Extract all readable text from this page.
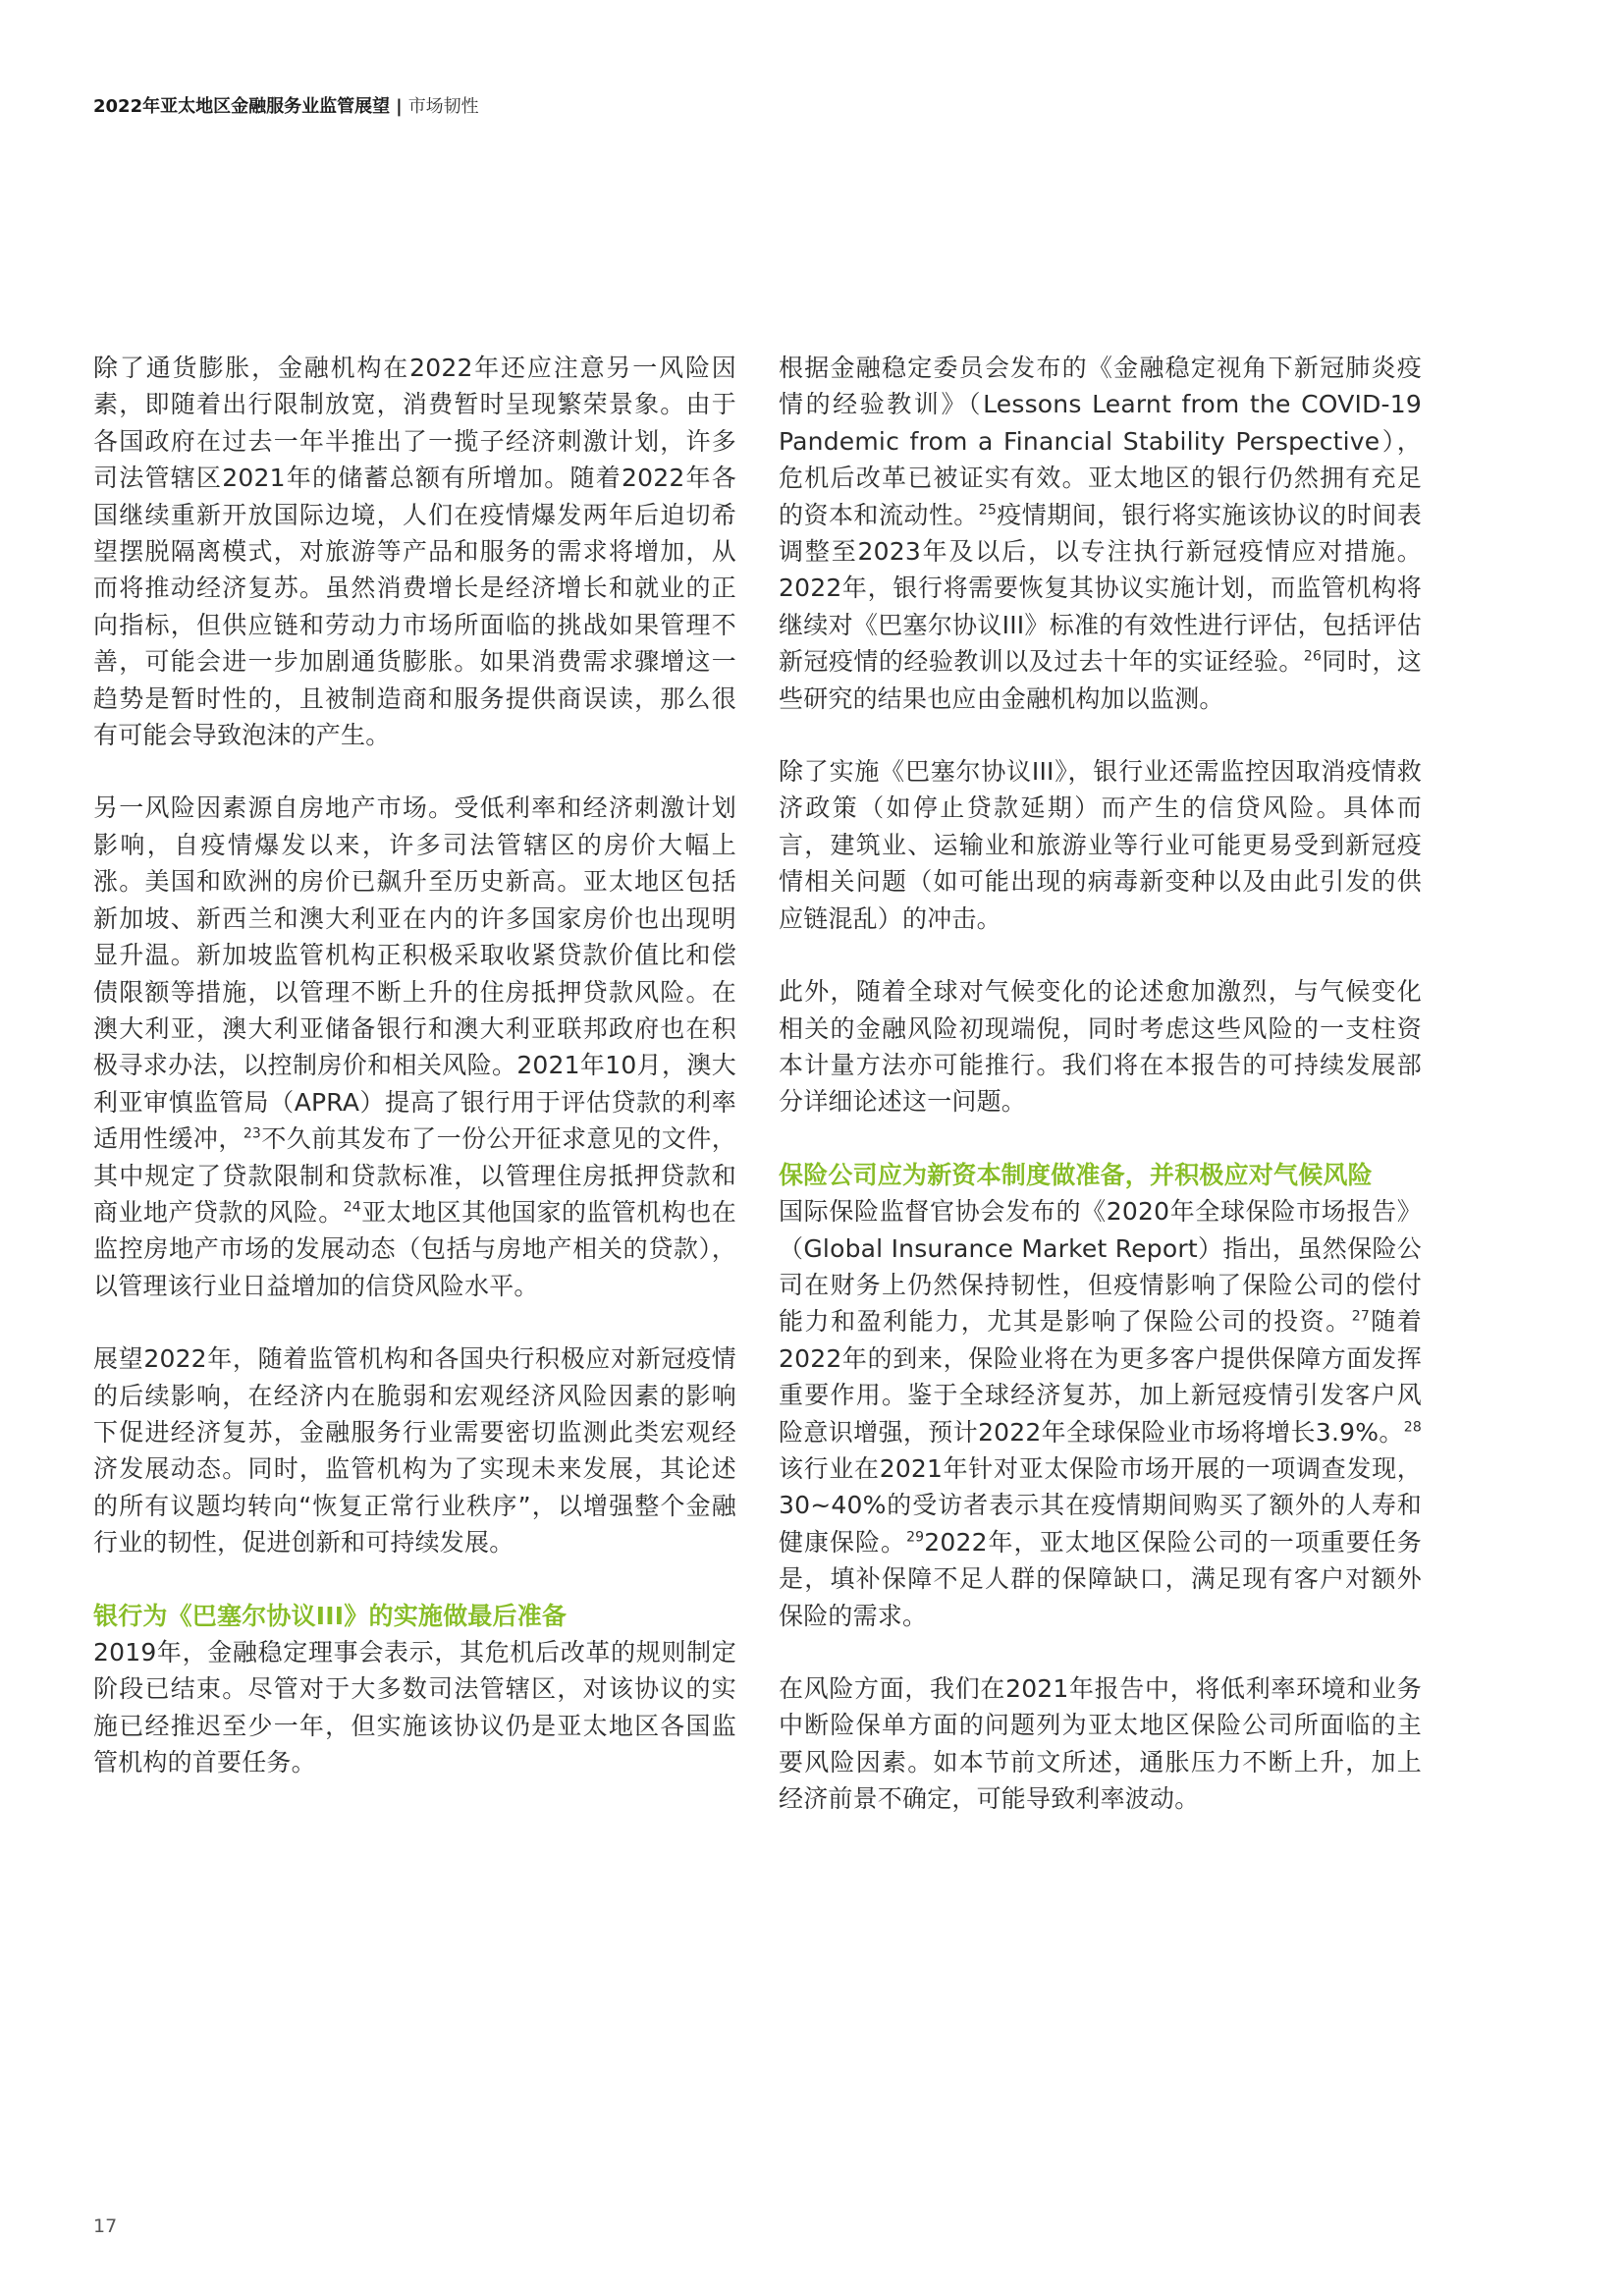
2022年亚太地区金融服务业监管展望 | 市场韧性

除了通货膨胀，金融机构在2022年还应注意另一风险因素，即随着出行限制放宽，消费暂时呈现繁荣景象。由于各国政府在过去一年半推出了一揽子经济刺激计划，许多司法管辖区2021年的储蓄总额有所增加。随着2022年各国继续重新开放国际边境，人们在疫情爆发两年后迫切希望摆脱隔离模式，对旅游等产品和服务的需求将增加，从而将推动经济复苏。虽然消费增长是经济增长和就业的正向指标，但供应链和劳动力市场所面临的挑战如果管理不善，可能会进一步加剧通货膨胀。如果消费需求骤增这一趋势是暂时性的，且被制造商和服务提供商误读，那么很有可能会导致泡沫的产生。

另一风险因素源自房地产市场。受低利率和经济刺激计划影响，自疫情爆发以来，许多司法管辖区的房价大幅上涨。美国和欧洲的房价已飙升至历史新高。亚太地区包括新加坡、新西兰和澳大利亚在内的许多国家房价也出现明显升温。新加坡监管机构正积极采取收紧贷款价值比和偿债限额等措施，以管理不断上升的住房抵押贷款风险。在澳大利亚，澳大利亚储备银行和澳大利亚联邦政府也在积极寻求办法，以控制房价和相关风险。2021年10月，澳大利亚审慎监管局（APRA）提高了银行用于评估贷款的利率适用性缓冲，$^{23}$不久前其发布了一份公开征求意见的文件，其中规定了贷款限制和贷款标准，以管理住房抵押贷款和商业地产贷款的风险。$^{24}$亚太地区其他国家的监管机构也在监控房地产市场的发展动态（包括与房地产相关的贷款），以管理该行业日益增加的信贷风险水平。

展望2022年，随着监管机构和各国央行积极应对新冠疫情的后续影响，在经济内在脆弱和宏观经济风险因素的影响下促进经济复苏，金融服务行业需要密切监测此类宏观经济发展动态。同时，监管机构为了实现未来发展，其论述的所有议题均转向“恢复正常行业秩序”，以增强整个金融行业的韧性，促进创新和可持续发展。

银行为《巴塞尔协议III》的实施做最后准备

2019年，金融稳定理事会表示，其危机后改革的规则制定阶段已结束。尽管对于大多数司法管辖区，对该协议的实施已经推迟至少一年，但实施该协议仍是亚太地区各国监管机构的首要任务。

根据金融稳定委员会发布的《金融稳定视角下新冠肺炎疫情的经验教训》（Lessons Learnt from the COVID-19 Pandemic from a Financial Stability Perspective），危机后改革已被证实有效。亚太地区的银行仍然拥有充足的资本和流动性。$^{25}$疫情期间，银行将实施该协议的时间表调整至2023年及以后，以专注执行新冠疫情应对措施。2022年，银行将需要恢复其协议实施计划，而监管机构将继续对《巴塞尔协议III》标准的有效性进行评估，包括评估新冠疫情的经验教训以及过去十年的实证经验。$^{26}$同时，这些研究的结果也应由金融机构加以监测。

除了实施《巴塞尔协议III》，银行业还需监控因取消疫情救济政策（如停止贷款延期）而产生的信贷风险。具体而言，建筑业、运输业和旅游业等行业可能更易受到新冠疫情相关问题（如可能出现的病毒新变种以及由此引发的供应链混乱）的冲击。

此外，随着全球对气候变化的论述愈加激烈，与气候变化相关的金融风险初现端倪，同时考虑这些风险的一支柱资本计量方法亦可能推行。我们将在本报告的可持续发展部分详细论述这一问题。

保险公司应为新资本制度做准备，并积极应对气候风险

国际保险监督官协会发布的《2020年全球保险市场报告》（Global Insurance Market Report）指出，虽然保险公司在财务上仍然保持韧性，但疫情影响了保险公司的偿付能力和盈利能力，尤其是影响了保险公司的投资。$^{27}$随着2022年的到来，保险业将在为更多客户提供保障方面发挥重要作用。鉴于全球经济复苏，加上新冠疫情引发客户风险意识增强，预计2022年全球保险业市场将增长3.9%。$^{28}$该行业在2021年针对亚太保险市场开展的一项调查发现，30~40%的受访者表示其在疫情期间购买了额外的人寿和健康保险。$^{29}$2022年，亚太地区保险公司的一项重要任务是，填补保障不足人群的保障缺口，满足现有客户对额外保险的需求。

在风险方面，我们在2021年报告中，将低利率环境和业务中断险保单方面的问题列为亚太地区保险公司所面临的主要风险因素。如本节前文所述，通胀压力不断上升，加上经济前景不确定，可能导致利率波动。

17
